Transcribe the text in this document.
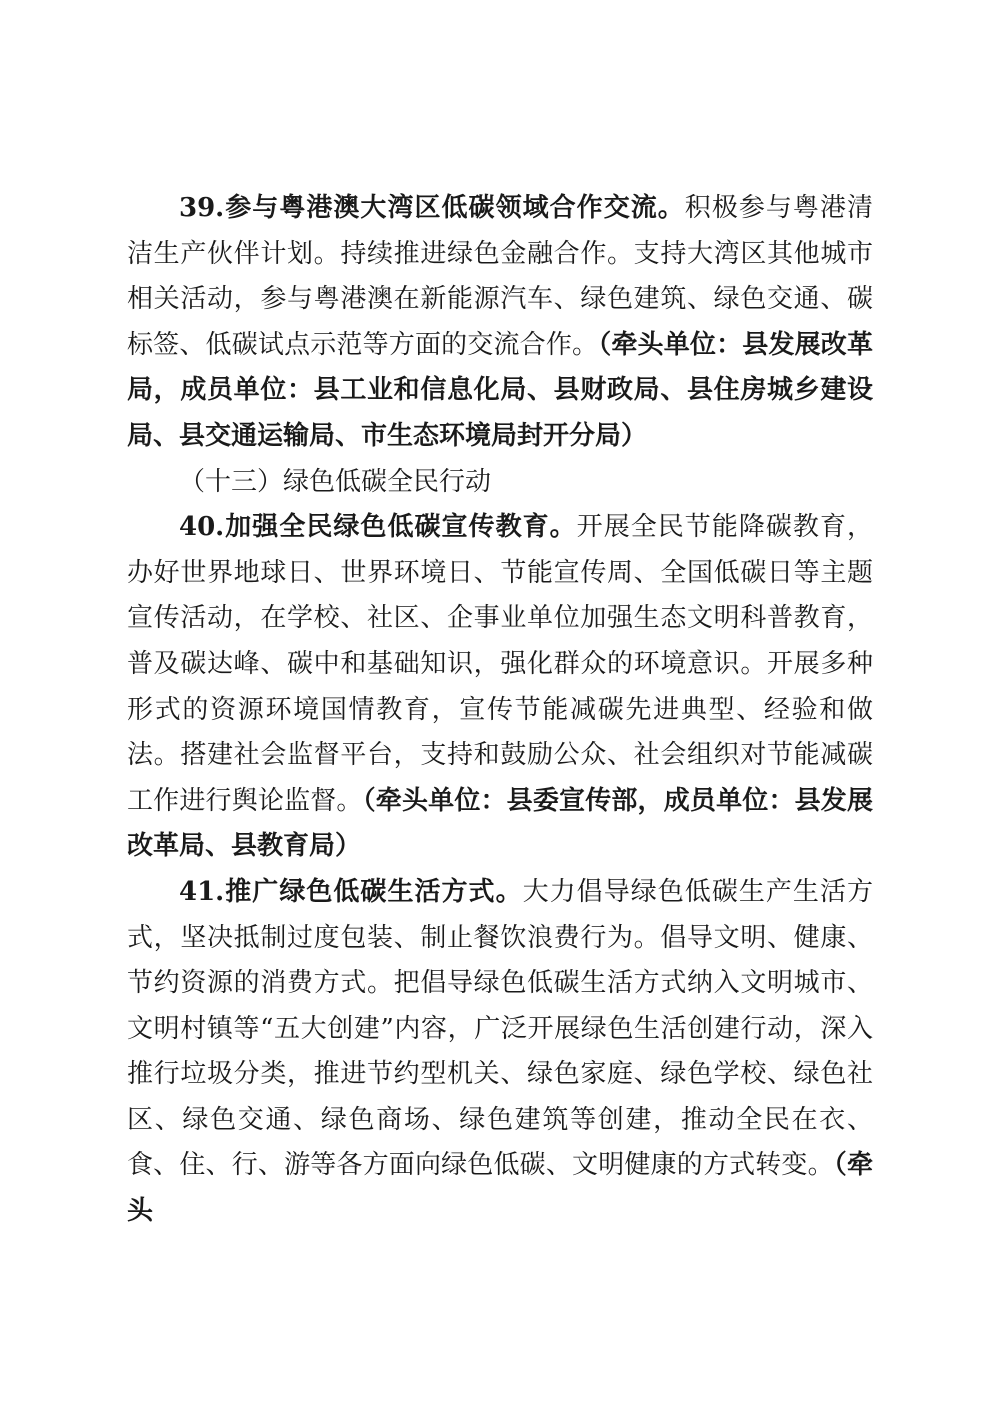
39.参与粤港澳大湾区低碳领域合作交流。积极参与粤港清洁生产伙伴计划。持续推进绿色金融合作。支持大湾区其他城市相关活动，参与粤港澳在新能源汽车、绿色建筑、绿色交通、碳标签、低碳试点示范等方面的交流合作。（牵头单位：县发展改革局，成员单位：县工业和信息化局、县财政局、县住房城乡建设局、县交通运输局、市生态环境局封开分局）

（十三）绿色低碳全民行动

40.加强全民绿色低碳宣传教育。开展全民节能降碳教育，办好世界地球日、世界环境日、节能宣传周、全国低碳日等主题宣传活动，在学校、社区、企事业单位加强生态文明科普教育，普及碳达峰、碳中和基础知识，强化群众的环境意识。开展多种形式的资源环境国情教育，宣传节能减碳先进典型、经验和做法。搭建社会监督平台，支持和鼓励公众、社会组织对节能减碳工作进行舆论监督。（牵头单位：县委宣传部，成员单位：县发展改革局、县教育局）

41.推广绿色低碳生活方式。大力倡导绿色低碳生产生活方式，坚决抵制过度包装、制止餐饮浪费行为。倡导文明、健康、节约资源的消费方式。把倡导绿色低碳生活方式纳入文明城市、文明村镇等“五大创建”内容，广泛开展绿色生活创建行动，深入推行垃圾分类，推进节约型机关、绿色家庭、绿色学校、绿色社区、绿色交通、绿色商场、绿色建筑等创建，推动全民在衣、食、住、行、游等各方面向绿色低碳、文明健康的方式转变。（牵头
